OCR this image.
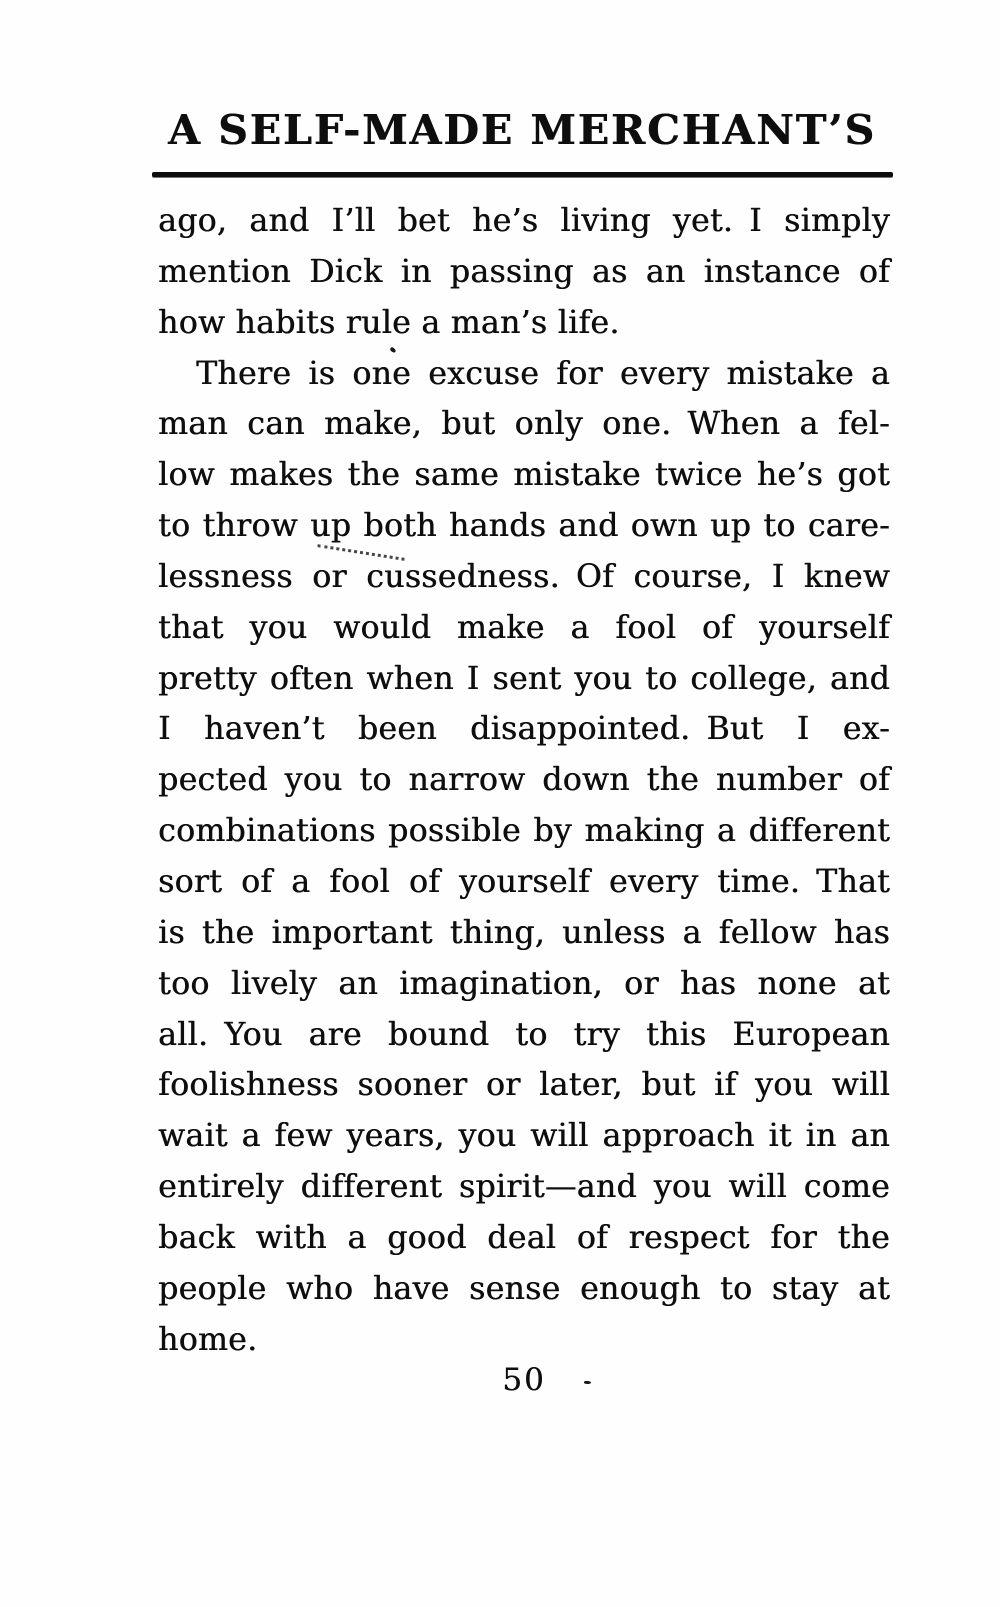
A SELF-MADE MERCHANT’S
ago, and I’ll bet he’s living yet. I simply
mention Dick in passing as an instance of
how habits rule a man’s life.
There is one excuse for every mistake a
man can make, but only one. When a fel-
low makes the same mistake twice he’s got
to throw up both hands and own up to care-
lessness or cussedness. Of course, I knew
that you would make a fool of yourself
pretty often when I sent you to college, and
I haven’t been disappointed. But I ex-
pected you to narrow down the number of
combinations possible by making a different
sort of a fool of yourself every time. That
is the important thing, unless a fellow has
too lively an imagination, or has none at
all. You are bound to try this European
foolishness sooner or later, but if you will
wait a few years, you will approach it in an
entirely different spirit—and you will come
back with a good deal of respect for the
people who have sense enough to stay at
home.
50
